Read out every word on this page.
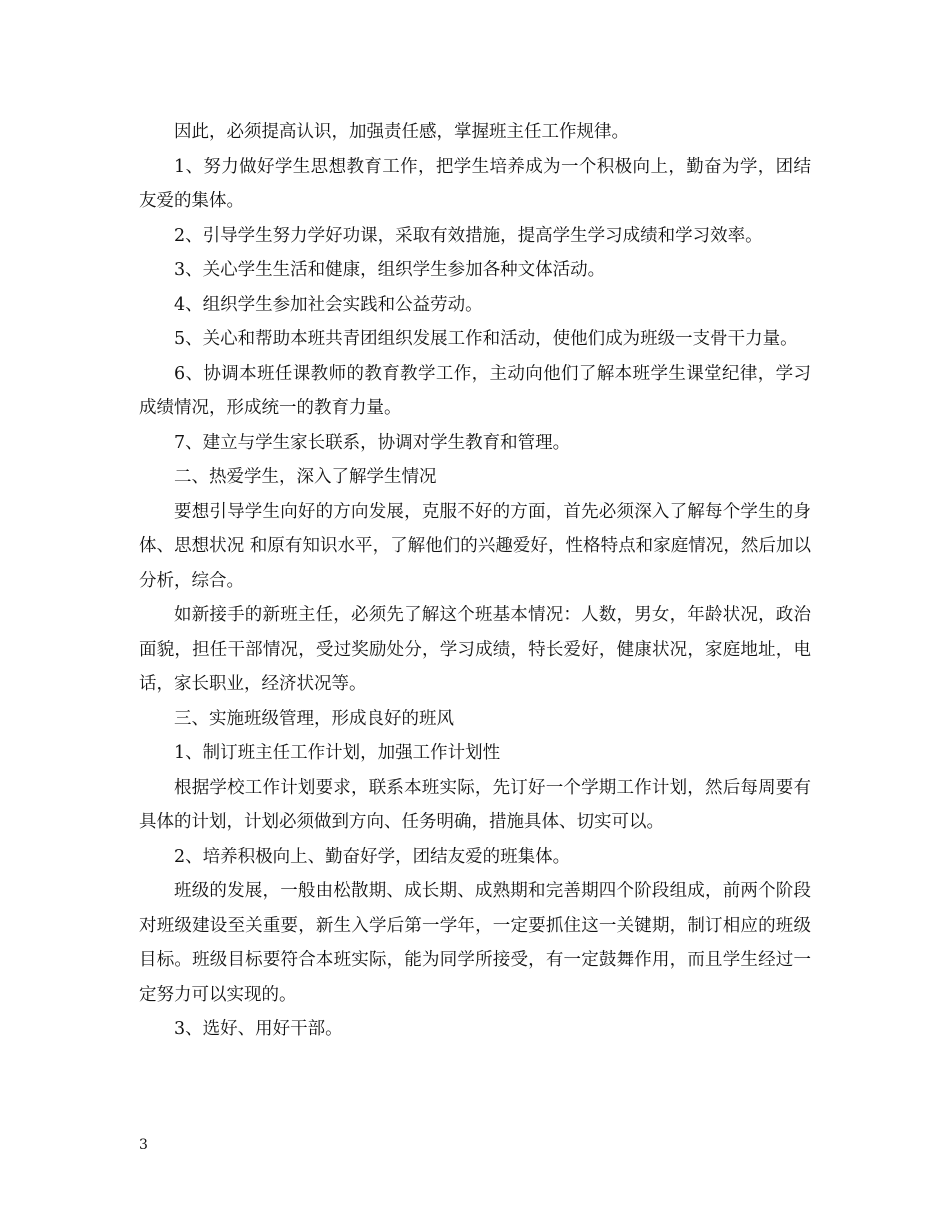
因此，必须提高认识，加强责任感，掌握班主任工作规律。

1、努力做好学生思想教育工作，把学生培养成为一个积极向上，勤奋为学，团结友爱的集体。

2、引导学生努力学好功课，采取有效措施，提高学生学习成绩和学习效率。

3、关心学生生活和健康，组织学生参加各种文体活动。

4、组织学生参加社会实践和公益劳动。

5、关心和帮助本班共青团组织发展工作和活动，使他们成为班级一支骨干力量。

6、协调本班任课教师的教育教学工作，主动向他们了解本班学生课堂纪律，学习成绩情况，形成统一的教育力量。

7、建立与学生家长联系，协调对学生教育和管理。

二、热爱学生，深入了解学生情况

要想引导学生向好的方向发展，克服不好的方面，首先必须深入了解每个学生的身体、思想状况 和原有知识水平，了解他们的兴趣爱好，性格特点和家庭情况，然后加以分析，综合。

如新接手的新班主任，必须先了解这个班基本情况：人数，男女，年龄状况，政治面貌，担任干部情况，受过奖励处分，学习成绩，特长爱好，健康状况，家庭地址，电话，家长职业，经济状况等。

三、实施班级管理，形成良好的班风

1、制订班主任工作计划，加强工作计划性

根据学校工作计划要求，联系本班实际，先订好一个学期工作计划，然后每周要有具体的计划，计划必须做到方向、任务明确，措施具体、切实可以。

2、培养积极向上、勤奋好学，团结友爱的班集体。

班级的发展，一般由松散期、成长期、成熟期和完善期四个阶段组成，前两个阶段对班级建设至关重要，新生入学后第一学年，一定要抓住这一关键期，制订相应的班级目标。班级目标要符合本班实际，能为同学所接受，有一定鼓舞作用，而且学生经过一定努力可以实现的。

3、选好、用好干部。

3
